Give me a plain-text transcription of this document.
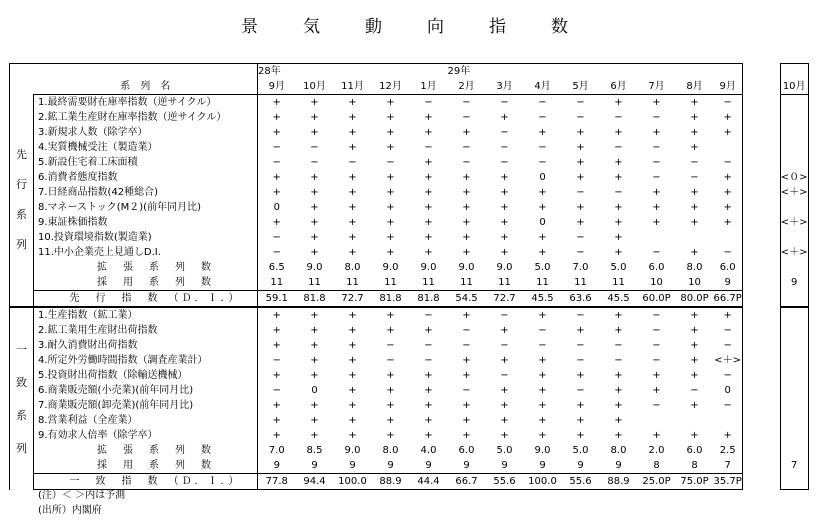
景　気　動　向　指　数
		28年					29年									
	系　列　名	9月	10月	11月	12月	1月	2月	3月	4月	5月	6月	7月	8月	9月		10月

先
行
系
列	1.最終需要財在庫率指数（逆サイクル）	+	+	+	+	−	−	−	−	−	+	+	+	−		
	2.鉱工業生産財在庫率指数（逆サイクル）	+	+	+	+	+	−	+	−	−	−	−	+	+		
	3.新規求人数（除学卒）	+	+	+	+	+	+	−	+	+	+	+	+	+		
	4.実質機械受注（製造業）	−	−	+	+	−	−	−	−	+	−	−	+			
	5.新設住宅着工床面積	−	−	−	−	+	−	−	−	+	+	−	−	−		
	6.消費者態度指数	+	+	+	+	+	+	+	0	+	+	−	−	+		<０>
	7.日経商品指数(42種総合)	+	+	+	+	+	+	+	+	−	−	+	+	+		<＋>
	8.マネーストック(M２)(前年同月比)	0	+	+	+	+	+	+	+	+	+	+	+	+		
	9.東証株価指数	+	+	+	+	+	+	+	0	+	+	+	+	+		<＋>
	10.投資環境指数(製造業)	−	+	+	+	+	+	+	+	−	+					
	11.中小企業売上見通しD.I.	−	+	+	+	+	+	+	+	−	+	−	+	−		<＋>
	拡　張　系　列　数	6.5	9.0	8.0	9.0	9.0	9.0	9.0	5.0	7.0	5.0	6.0	8.0	6.0		
	採　用　系　列　数	11	11	11	11	11	11	11	11	11	11	10	10	9		9
	先　行　指　数　（Ｄ．Ｉ．）	59.1	81.8	72.7	81.8	81.8	54.5	72.7	45.5	63.6	45.5	60.0P	80.0P	66.7P		

一
致
系
列	1.生産指数（鉱工業）	+	+	+	+	−	+	−	+	−	+	−	+	+		
	2.鉱工業用生産財出荷指数	+	+	+	+	+	−	+	−	+	+	−	+	−		
	3.耐久消費財出荷指数	+	+	+	−	−	−	−	−	−	−	−	+	−		
	4.所定外労働時間指数（調査産業計）	−	+	+	−	−	+	+	+	−	−	−	+	<＋>		
	5.投資財出荷指数（除輸送機械）	+	+	+	+	+	+	−	+	+	+	+	+	−		
	6.商業販売額(小売業)(前年同月比)	−	0	+	+	+	−	+	+	−	+	+	−	0		
	7.商業販売額(卸売業)(前年同月比)	+	+	+	+	+	+	+	+	+	+	−	+	−		
	8.営業利益（全産業）	+	+	+	+	+	+	+	+	+	+					
	9.有効求人倍率（除学卒）	+	+	+	+	+	+	+	+	+	+	+	+	+		
	拡　張　系　列　数	7.0	8.5	9.0	8.0	4.0	6.0	5.0	9.0	5.0	8.0	2.0	6.0	2.5		
	採　用　系　列　数	9	9	9	9	9	9	9	9	9	9	8	8	7		7
	一　致　指　数　（Ｄ．Ｉ．）	77.8	94.4	100.0	88.9	44.4	66.7	55.6	100.0	55.6	88.9	25.0P	75.0P	35.7P		
(注）＜ ＞内は予測
(出所）内閣府
